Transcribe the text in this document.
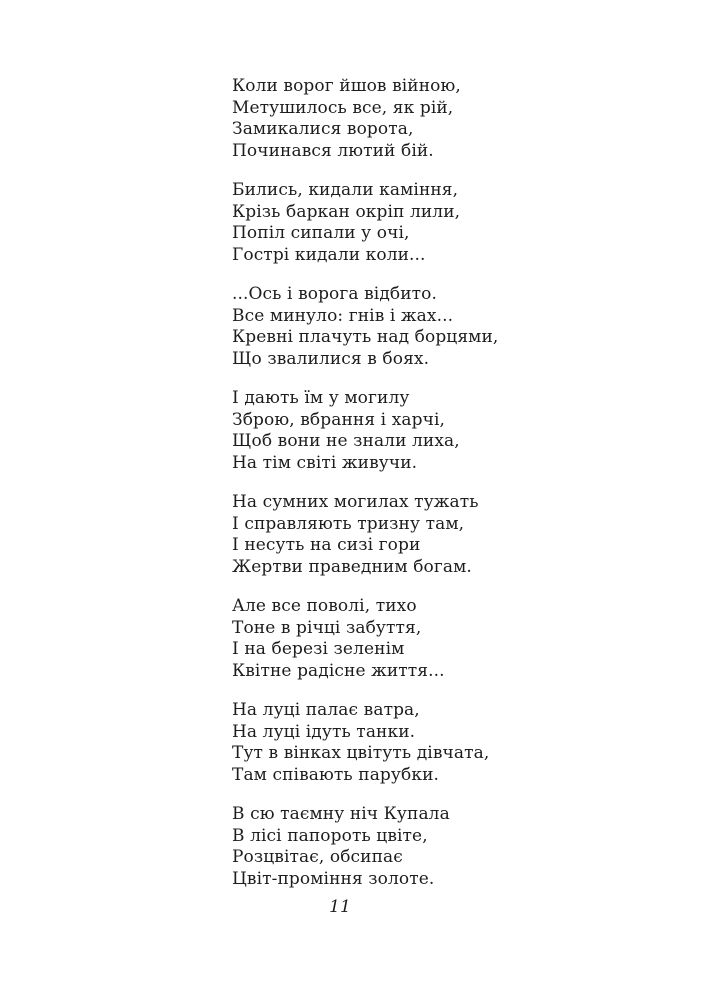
Коли ворог йшов війною,
Метушилось все, як рій,
Замикалися ворота,
Починався лютий бій.
Бились, кидали каміння,
Крізь баркан окріп лили,
Попіл сипали у очі,
Гострі кидали коли...
...Ось і ворога відбито.
Все минуло: гнів і жах...
Кревні плачуть над борцями,
Що звалилися в боях.
І дають їм у могилу
Зброю, вбрання і харчі,
Щоб вони не знали лиха,
На тім світі живучи.
На сумних могилах тужать
І справляють тризну там,
І несуть на сизі гори
Жертви праведним богам.
Але все поволі, тихо
Тоне в річці забуття,
І на березі зеленім
Квітне радісне життя...
На луці палає ватра,
На луці ідуть танки.
Тут в вінках цвітуть дівчата,
Там співають парубки.
В сю таємну ніч Купала
В лісі папороть цвіте,
Розцвітає, обсипає
Цвіт-проміння золоте.
11
